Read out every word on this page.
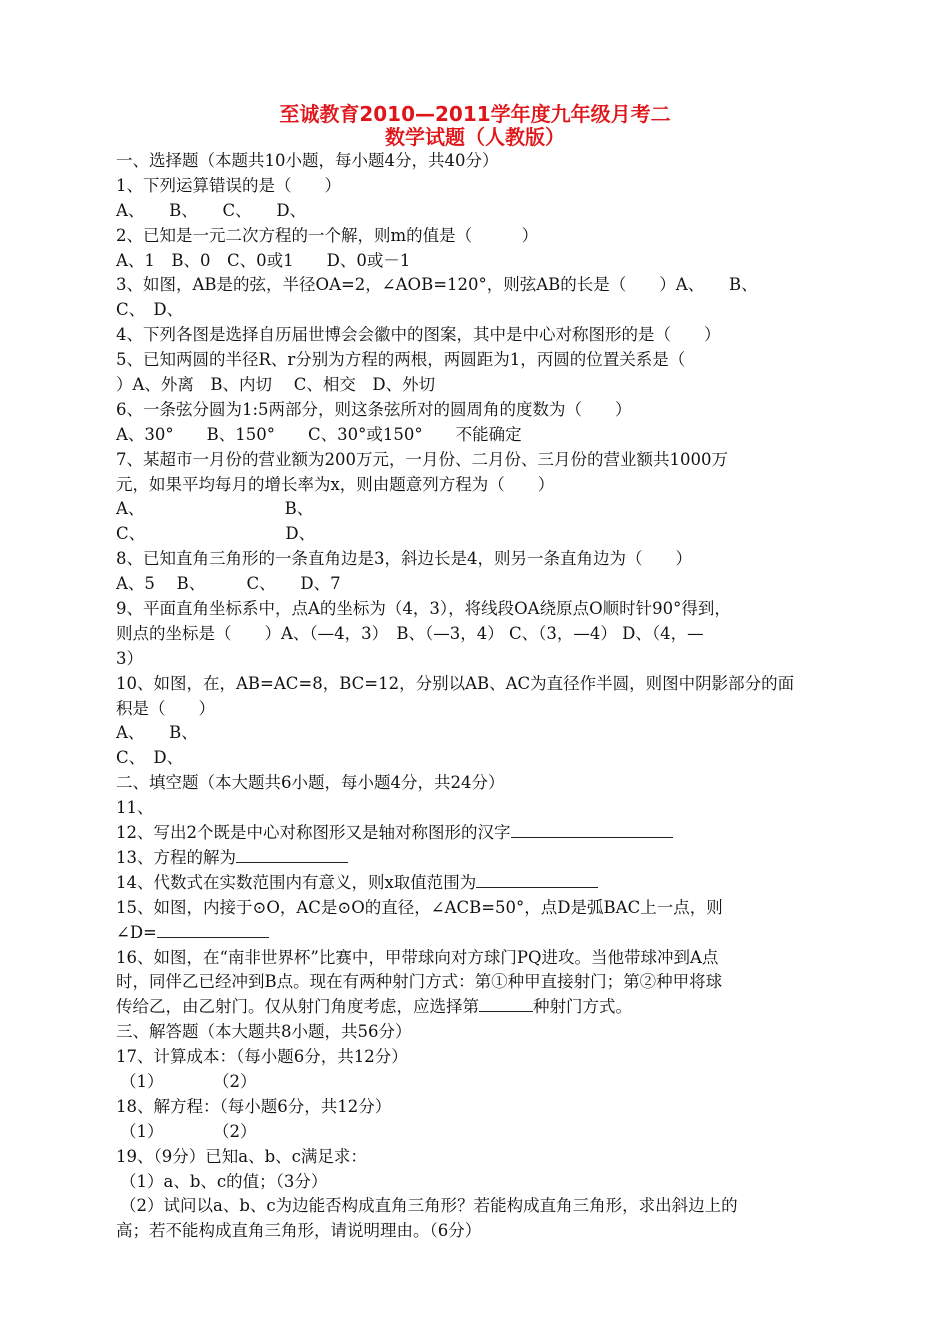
至诚教育2010—2011学年度九年级月考二
数学试题（人教版）
一、选择题（本题共10小题，每小题4分，共40分）
1、下列运算错误的是（　　）
A、　　B、　　C、　　D、
2、已知是一元二次方程的一个解，则m的值是（　　　）
A、1　B、0　C、0或1　　D、0或－1
3、如图，AB是的弦，半径OA=2，∠AOB=120°，则弦AB的长是（　　）A、　　B、
C、　D、
4、下列各图是选择自历届世博会会徽中的图案，其中是中心对称图形的是（　　）
5、已知两圆的半径R、r分别为方程的两根，两圆距为1，丙圆的位置关系是（
）A、外离　B、内切　 C、相交　D、外切
6、一条弦分圆为1:5两部分，则这条弦所对的圆周角的度数为（　　）
A、30°　　B、150°　　C、30°或150°　　不能确定
7、某超市一月份的营业额为200万元，一月份、二月份、三月份的营业额共1000万
元，如果平均每月的增长率为x，则由题意列方程为（　　）
A、　　　　　　　　　B、
C、　　　　　　　　　D、
8、已知直角三角形的一条直角边是3，斜边长是4，则另一条直角边为（　　）
A、5　 B、　　　C、　　D、7
9、平面直角坐标系中，点A的坐标为（4，3），将线段OA绕原点O顺时针90°得到，
则点的坐标是（　　）A、（—4，3）　B、（—3，4） C、（3，—4） D、（4，—
3）
10、如图，在，AB=AC=8，BC=12，分别以AB、AC为直径作半圆，则图中阴影部分的面
积是（　　）
A、　　B、
C、　D、
二、填空题（本大题共6小题，每小题4分，共24分）
11、
12、写出2个既是中心对称图形又是轴对称图形的汉字
13、方程的解为
14、代数式在实数范围内有意义，则x取值范围为
15、如图，内接于⊙O，AC是⊙O的直径，∠ACB=50°，点D是弧BAC上一点，则
∠D=
16、如图，在“南非世界杯”比赛中，甲带球向对方球门PQ进攻。当他带球冲到A点
时，同伴乙已经冲到B点。现在有两种射门方式：第①种甲直接射门；第②种甲将球
传给乙，由乙射门。仅从射门角度考虑，应选择第	种射门方式。
三、解答题（本大题共8小题，共56分）
17、计算成本：（每小题6分，共12分）
（1）　　　　（2）
18、解方程：（每小题6分，共12分）
（1）　　　　（2）
19、（9分）已知a、b、c满足求：
（1）a、b、c的值；（3分）
（2）试问以a、b、c为边能否构成直角三角形？若能构成直角三角形，求出斜边上的
高；若不能构成直角三角形，请说明理由。（6分）
